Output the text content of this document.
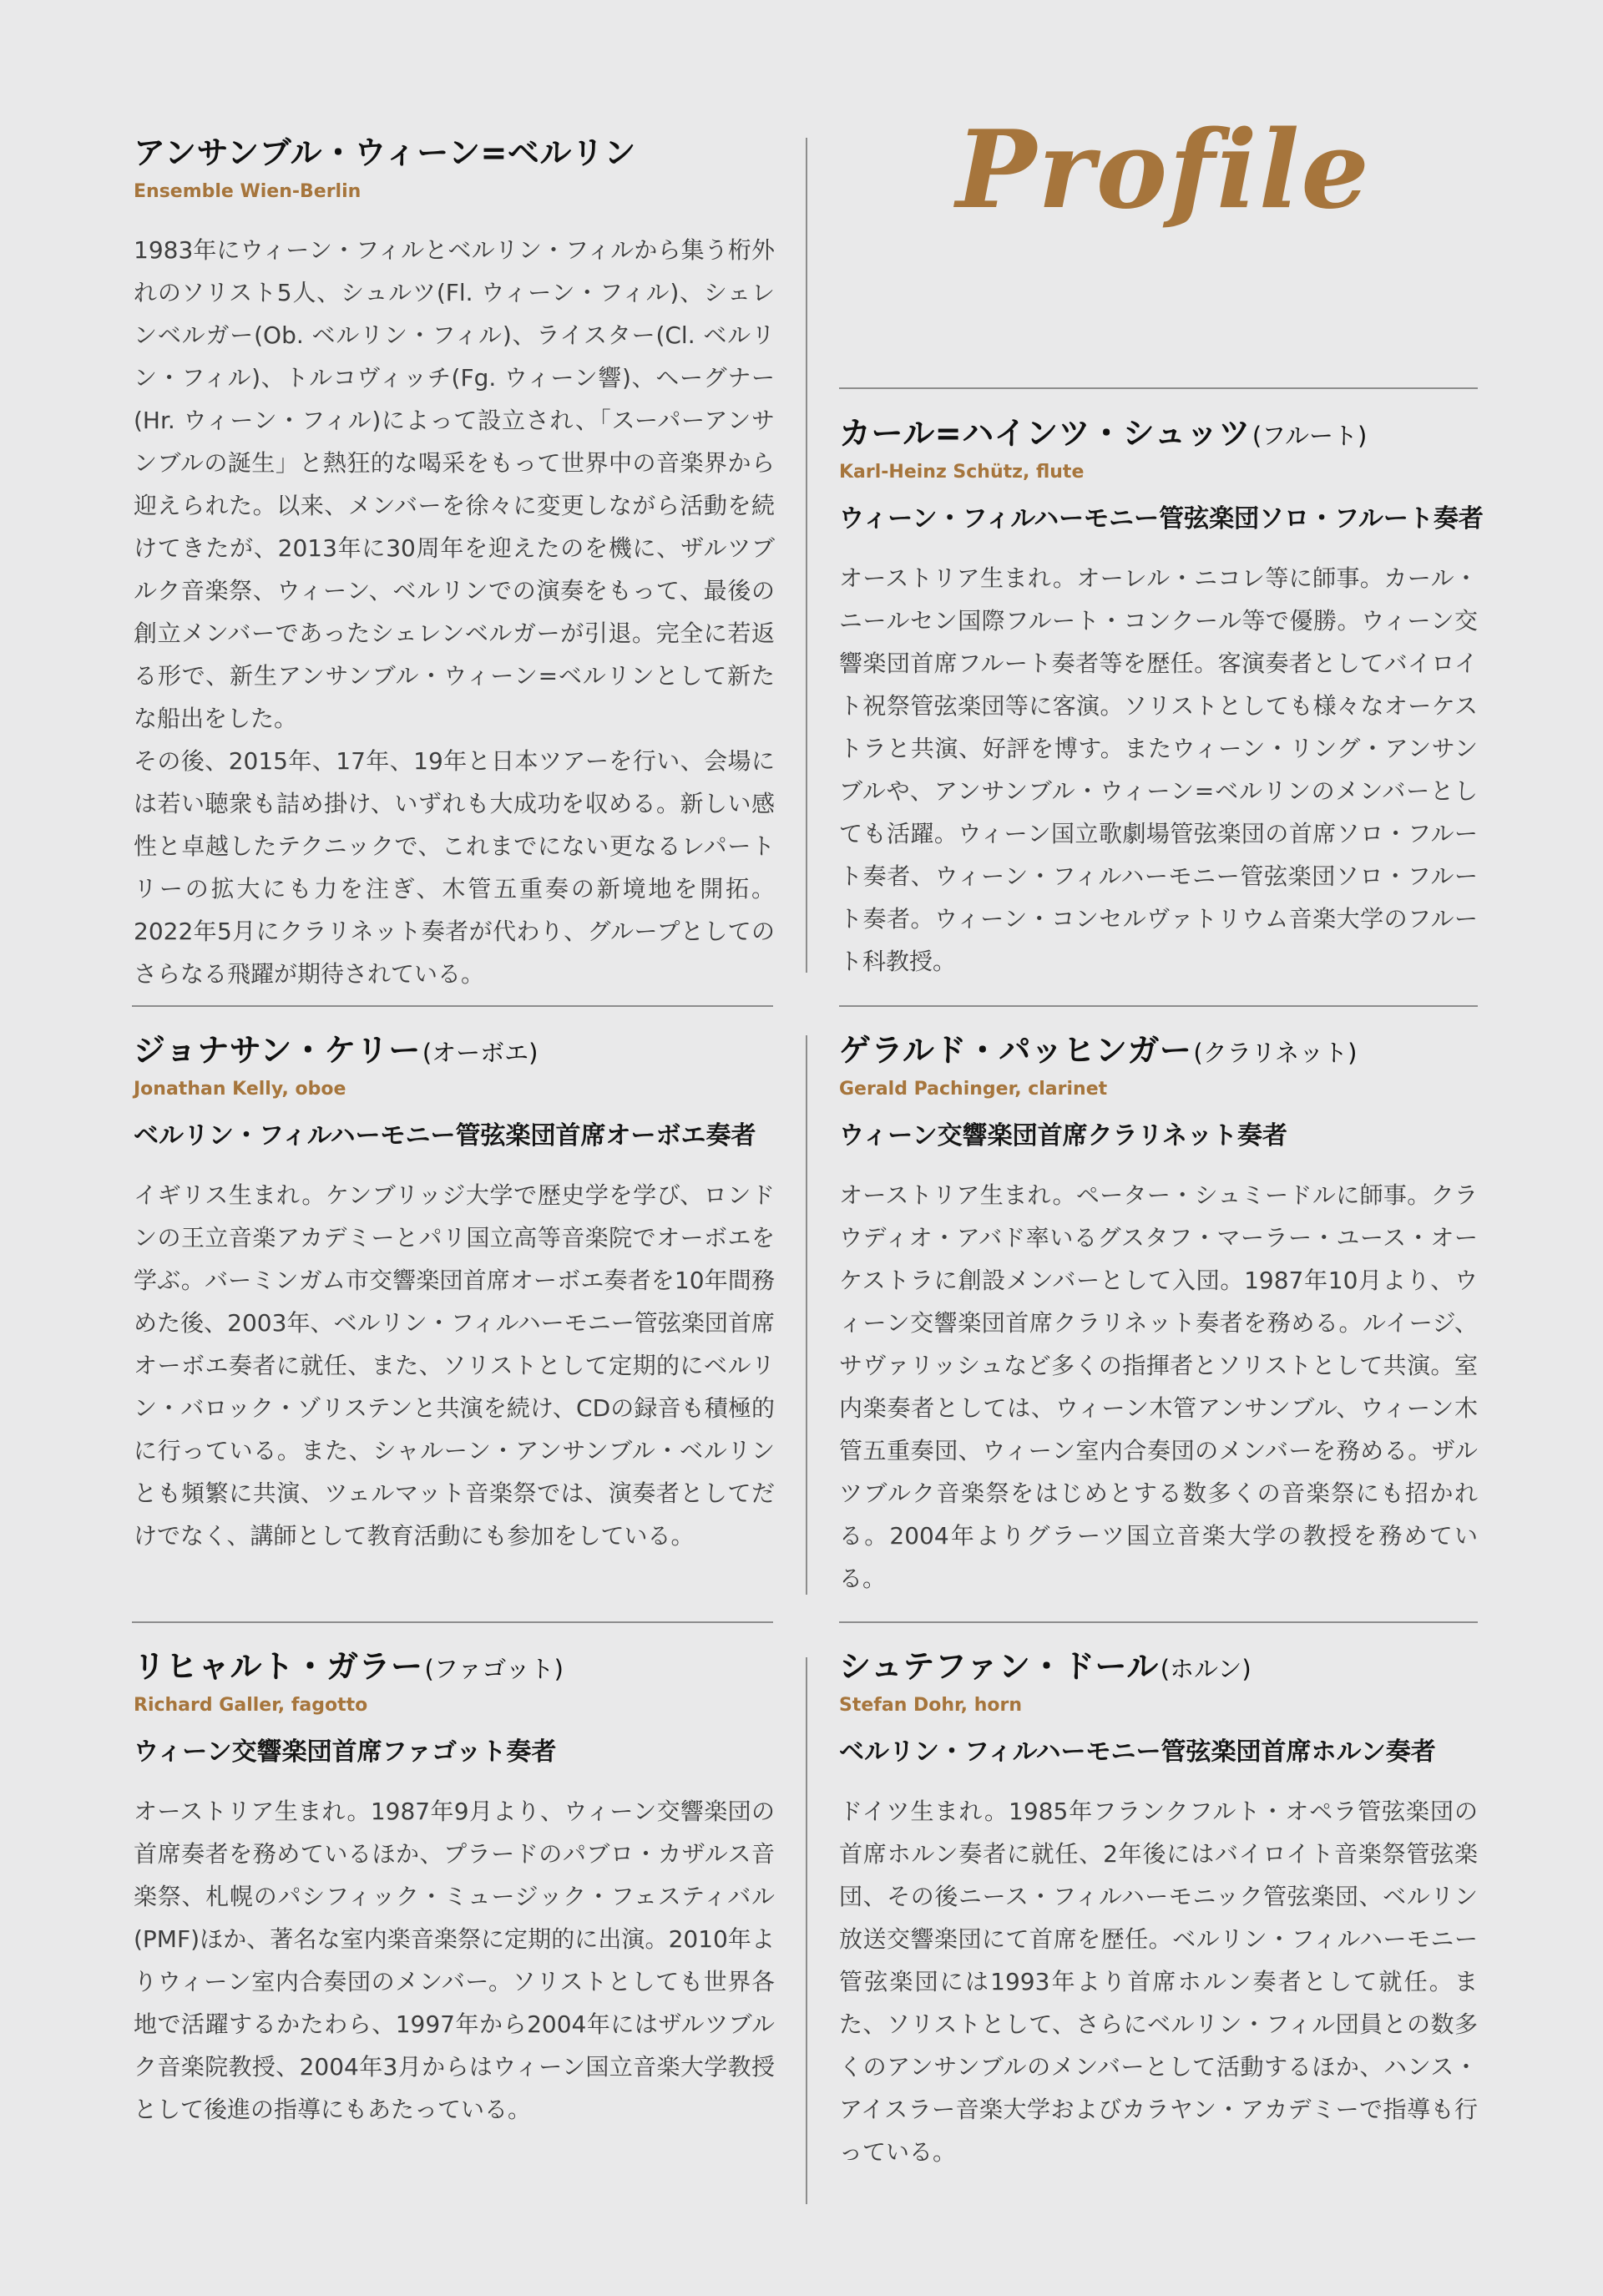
Profile
アンサンブル・ウィーン=ベルリン
Ensemble Wien-Berlin

1983年にウィーン・フィルとベルリン・フィルから集う桁外れのソリスト5人、シュルツ(Fl. ウィーン・フィル)、シェレンベルガー(Ob. ベルリン・フィル)、ライスター(Cl. ベルリン・フィル)、トルコヴィッチ(Fg. ウィーン響)、ヘーグナー(Hr. ウィーン・フィル)によって設立され、「スーパーアンサンブルの誕生」と熱狂的な喝采をもって世界中の音楽界から迎えられた。以来、メンバーを徐々に変更しながら活動を続けてきたが、2013年に30周年を迎えたのを機に、ザルツブルク音楽祭、ウィーン、ベルリンでの演奏をもって、最後の創立メンバーであったシェレンベルガーが引退。完全に若返る形で、新生アンサンブル・ウィーン=ベルリンとして新たな船出をした。

その後、2015年、17年、19年と日本ツアーを行い、会場には若い聴衆も詰め掛け、いずれも大成功を収める。新しい感性と卓越したテクニックで、これまでにない更なるレパートリーの拡大にも力を注ぎ、木管五重奏の新境地を開拓。2022年5月にクラリネット奏者が代わり、グループとしてのさらなる飛躍が期待されている。

カール=ハインツ・シュッツ(フルート)
Karl-Heinz Schütz, flute
ウィーン・フィルハーモニー管弦楽団ソロ・フルート奏者
オーストリア生まれ。オーレル・ニコレ等に師事。カール・ニールセン国際フルート・コンクール等で優勝。ウィーン交響楽団首席フルート奏者等を歴任。客演奏者としてバイロイト祝祭管弦楽団等に客演。ソリストとしても様々なオーケストラと共演、好評を博す。またウィーン・リング・アンサンブルや、アンサンブル・ウィーン=ベルリンのメンバーとしても活躍。ウィーン国立歌劇場管弦楽団の首席ソロ・フルート奏者、ウィーン・フィルハーモニー管弦楽団ソロ・フルート奏者。ウィーン・コンセルヴァトリウム音楽大学のフルート科教授。
ジョナサン・ケリー(オーボエ)
Jonathan Kelly, oboe
ベルリン・フィルハーモニー管弦楽団首席オーボエ奏者
イギリス生まれ。ケンブリッジ大学で歴史学を学び、ロンドンの王立音楽アカデミーとパリ国立高等音楽院でオーボエを学ぶ。バーミンガム市交響楽団首席オーボエ奏者を10年間務めた後、2003年、ベルリン・フィルハーモニー管弦楽団首席オーボエ奏者に就任、また、ソリストとして定期的にベルリン・バロック・ゾリステンと共演を続け、CDの録音も積極的に行っている。また、シャルーン・アンサンブル・ベルリンとも頻繁に共演、ツェルマット音楽祭では、演奏者としてだけでなく、講師として教育活動にも参加をしている。
ゲラルド・パッヒンガー(クラリネット)
Gerald Pachinger, clarinet
ウィーン交響楽団首席クラリネット奏者
オーストリア生まれ。ペーター・シュミードルに師事。クラウディオ・アバド率いるグスタフ・マーラー・ユース・オーケストラに創設メンバーとして入団。1987年10月より、ウィーン交響楽団首席クラリネット奏者を務める。ルイージ、サヴァリッシュなど多くの指揮者とソリストとして共演。室内楽奏者としては、ウィーン木管アンサンブル、ウィーン木管五重奏団、ウィーン室内合奏団のメンバーを務める。ザルツブルク音楽祭をはじめとする数多くの音楽祭にも招かれる。2004年よりグラーツ国立音楽大学の教授を務めている。
リヒャルト・ガラー(ファゴット)
Richard Galler, fagotto
ウィーン交響楽団首席ファゴット奏者
オーストリア生まれ。1987年9月より、ウィーン交響楽団の首席奏者を務めているほか、プラードのパブロ・カザルス音楽祭、札幌のパシフィック・ミュージック・フェスティバル(PMF)ほか、著名な室内楽音楽祭に定期的に出演。2010年よりウィーン室内合奏団のメンバー。ソリストとしても世界各地で活躍するかたわら、1997年から2004年にはザルツブルク音楽院教授、2004年3月からはウィーン国立音楽大学教授として後進の指導にもあたっている。
シュテファン・ドール(ホルン)
Stefan Dohr, horn
ベルリン・フィルハーモニー管弦楽団首席ホルン奏者
ドイツ生まれ。1985年フランクフルト・オペラ管弦楽団の首席ホルン奏者に就任、2年後にはバイロイト音楽祭管弦楽団、その後ニース・フィルハーモニック管弦楽団、ベルリン放送交響楽団にて首席を歴任。ベルリン・フィルハーモニー管弦楽団には1993年より首席ホルン奏者として就任。また、ソリストとして、さらにベルリン・フィル団員との数多くのアンサンブルのメンバーとして活動するほか、ハンス・アイスラー音楽大学およびカラヤン・アカデミーで指導も行っている。
